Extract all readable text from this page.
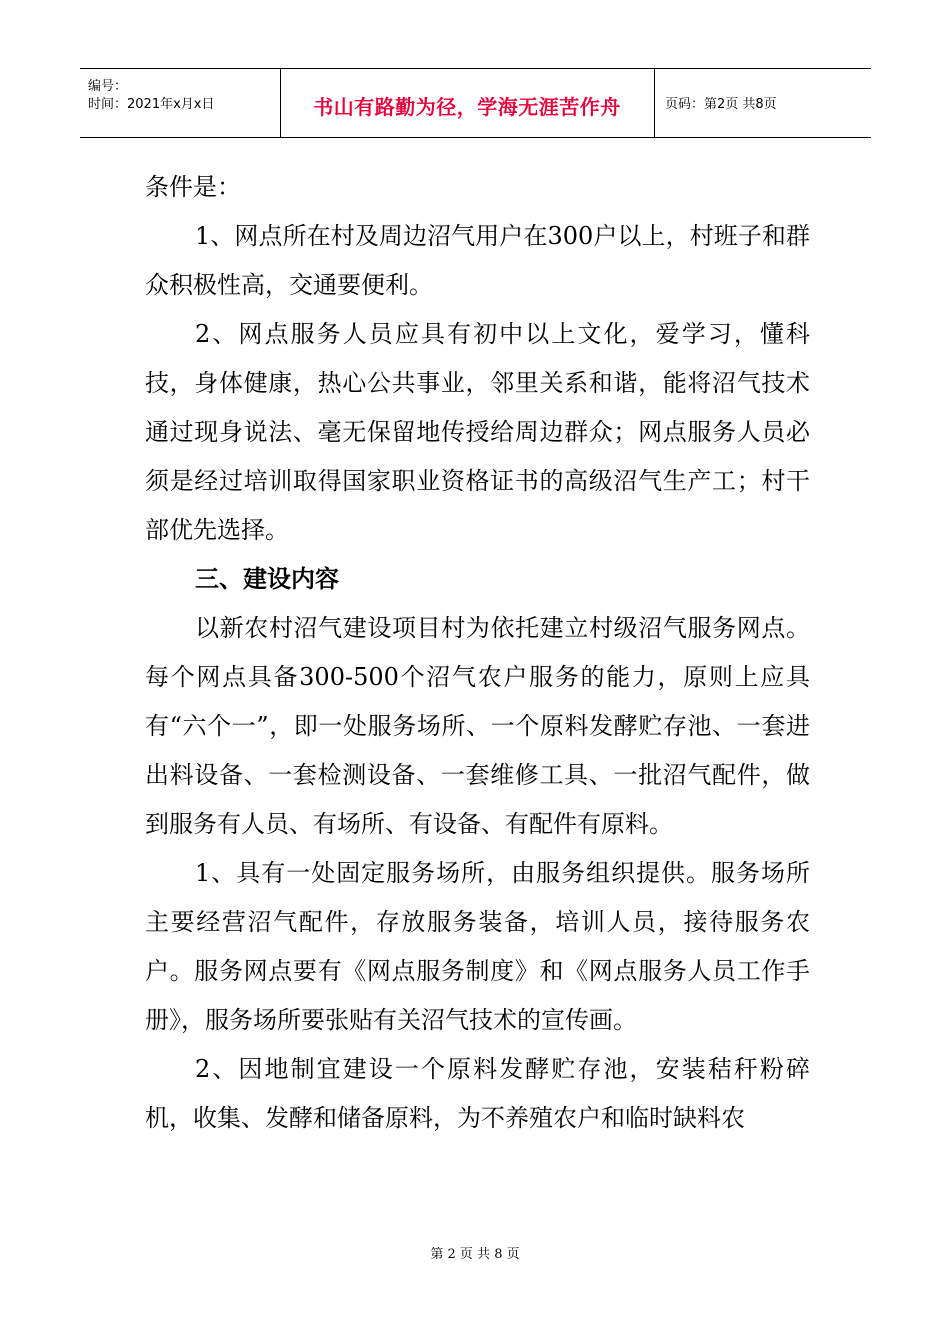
编号：
时间：2021年x月x日	书山有路勤为径，学海无涯苦作舟	页码：第2页 共8页

条件是：

1、网点所在村及周边沼气用户在300户以上，村班子和群众积极性高，交通要便利。

2、网点服务人员应具有初中以上文化，爱学习，懂科技，身体健康，热心公共事业，邻里关系和谐，能将沼气技术通过现身说法、毫无保留地传授给周边群众；网点服务人员必须是经过培训取得国家职业资格证书的高级沼气生产工；村干部优先选择。

三、建设内容

以新农村沼气建设项目村为依托建立村级沼气服务网点。每个网点具备300-500个沼气农户服务的能力，原则上应具有“六个一”，即一处服务场所、一个原料发酵贮存池、一套进出料设备、一套检测设备、一套维修工具、一批沼气配件，做到服务有人员、有场所、有设备、有配件有原料。

1、具有一处固定服务场所，由服务组织提供。服务场所主要经营沼气配件，存放服务装备，培训人员，接待服务农户。服务网点要有《网点服务制度》和《网点服务人员工作手册》，服务场所要张贴有关沼气技术的宣传画。

2、因地制宜建设一个原料发酵贮存池，安装秸秆粉碎机，收集、发酵和储备原料，为不养殖农户和临时缺料农

第 2 页 共 8 页
